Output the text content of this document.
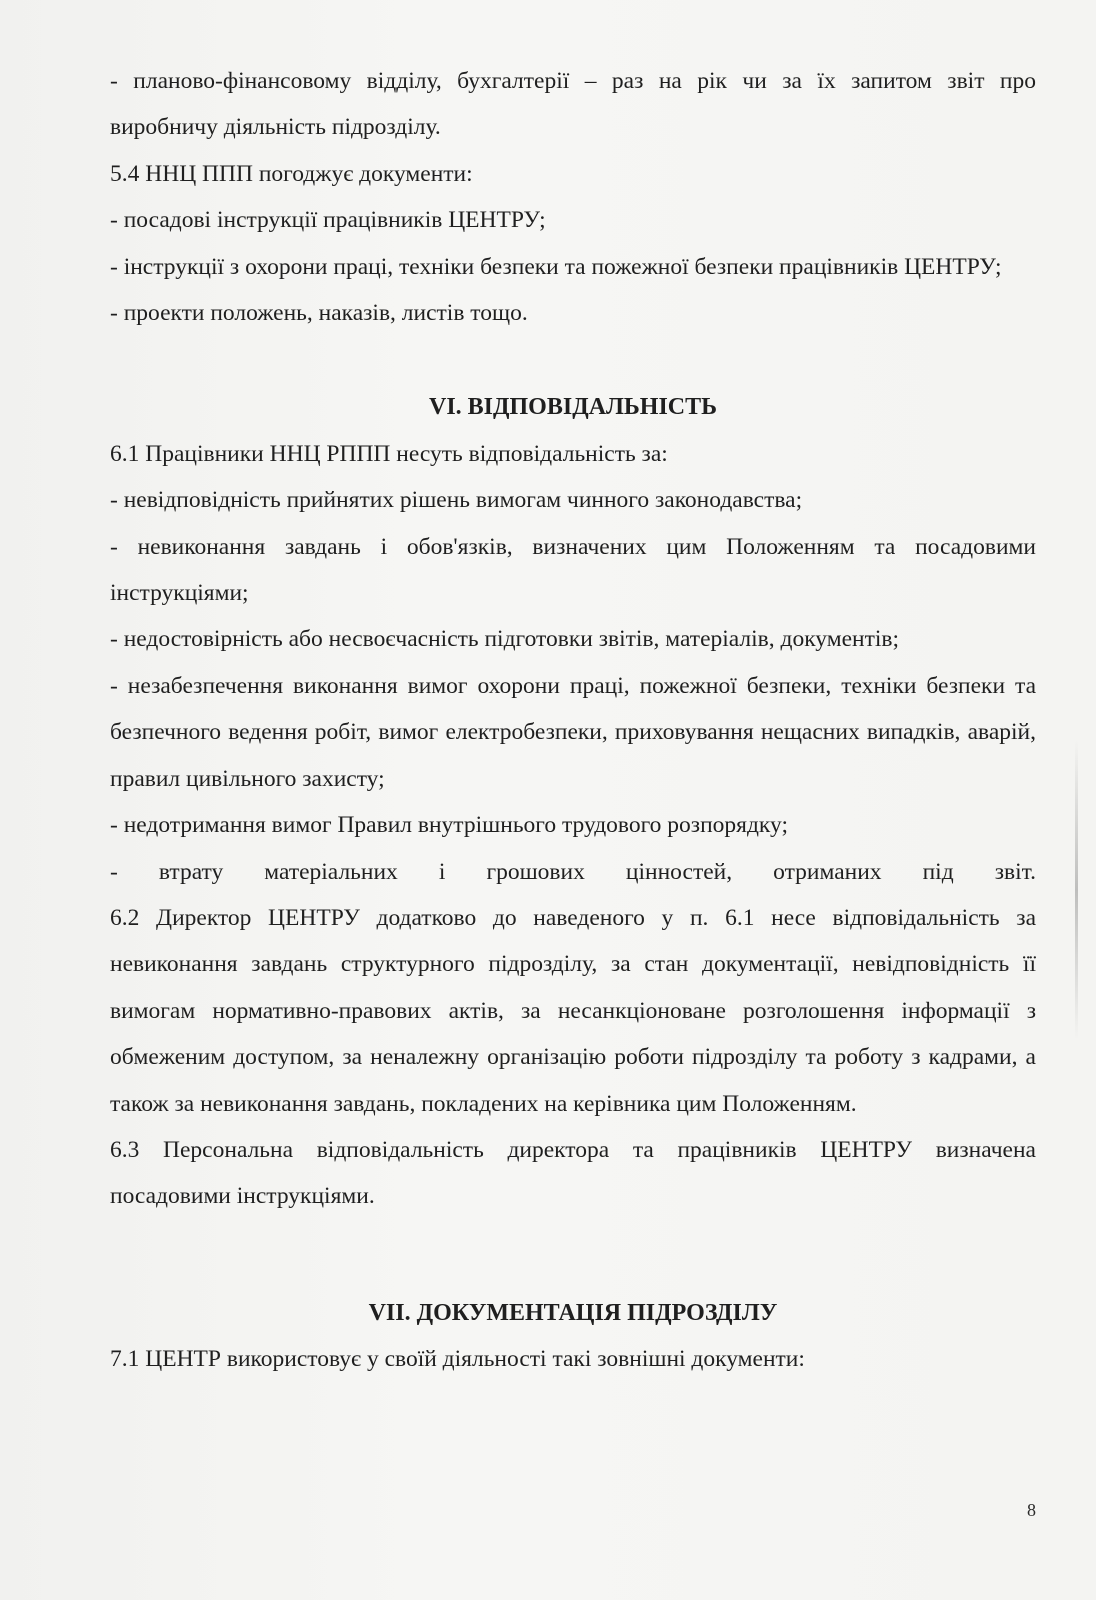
- планово-фінансовому відділу, бухгалтерії – раз на рік чи за їх запитом звіт про

виробничу діяльність підрозділу.

5.4 ННЦ ППП погоджує документи:

- посадові інструкції працівників ЦЕНТРУ;

- інструкції з охорони праці, техніки безпеки та пожежної безпеки працівників ЦЕНТРУ;

- проекти положень, наказів, листів тощо.

VI. ВІДПОВІДАЛЬНІСТЬ

6.1 Працівники ННЦ РППП несуть відповідальність за:

- невідповідність прийнятих рішень вимогам чинного законодавства;

- невиконання завдань і обов'язків, визначених цим Положенням та посадовими інструкціями;

- недостовірність або несвоєчасність підготовки звітів, матеріалів, документів;

- незабезпечення виконання вимог охорони праці, пожежної безпеки, техніки безпеки та безпечного ведення робіт, вимог електробезпеки, приховування нещасних випадків, аварій, правил цивільного захисту;

- недотримання вимог Правил внутрішнього трудового розпорядку;

- втрату матеріальних і грошових цінностей, отриманих під звіт.

6.2 Директор ЦЕНТРУ додатково до наведеного у п. 6.1 несе відповідальність за невиконання завдань структурного підрозділу, за стан документації, невідповідність її вимогам нормативно-правових актів, за несанкціоноване розголошення інформації з обмеженим доступом, за неналежну організацію роботи підрозділу та роботу з кадрами, а також за невиконання завдань, покладених на керівника цим Положенням.

6.3 Персональна відповідальність директора та працівників ЦЕНТРУ визначена посадовими інструкціями.

VII. ДОКУМЕНТАЦІЯ ПІДРОЗДІЛУ

7.1 ЦЕНТР використовує у своїй діяльності такі зовнішні документи:

8
